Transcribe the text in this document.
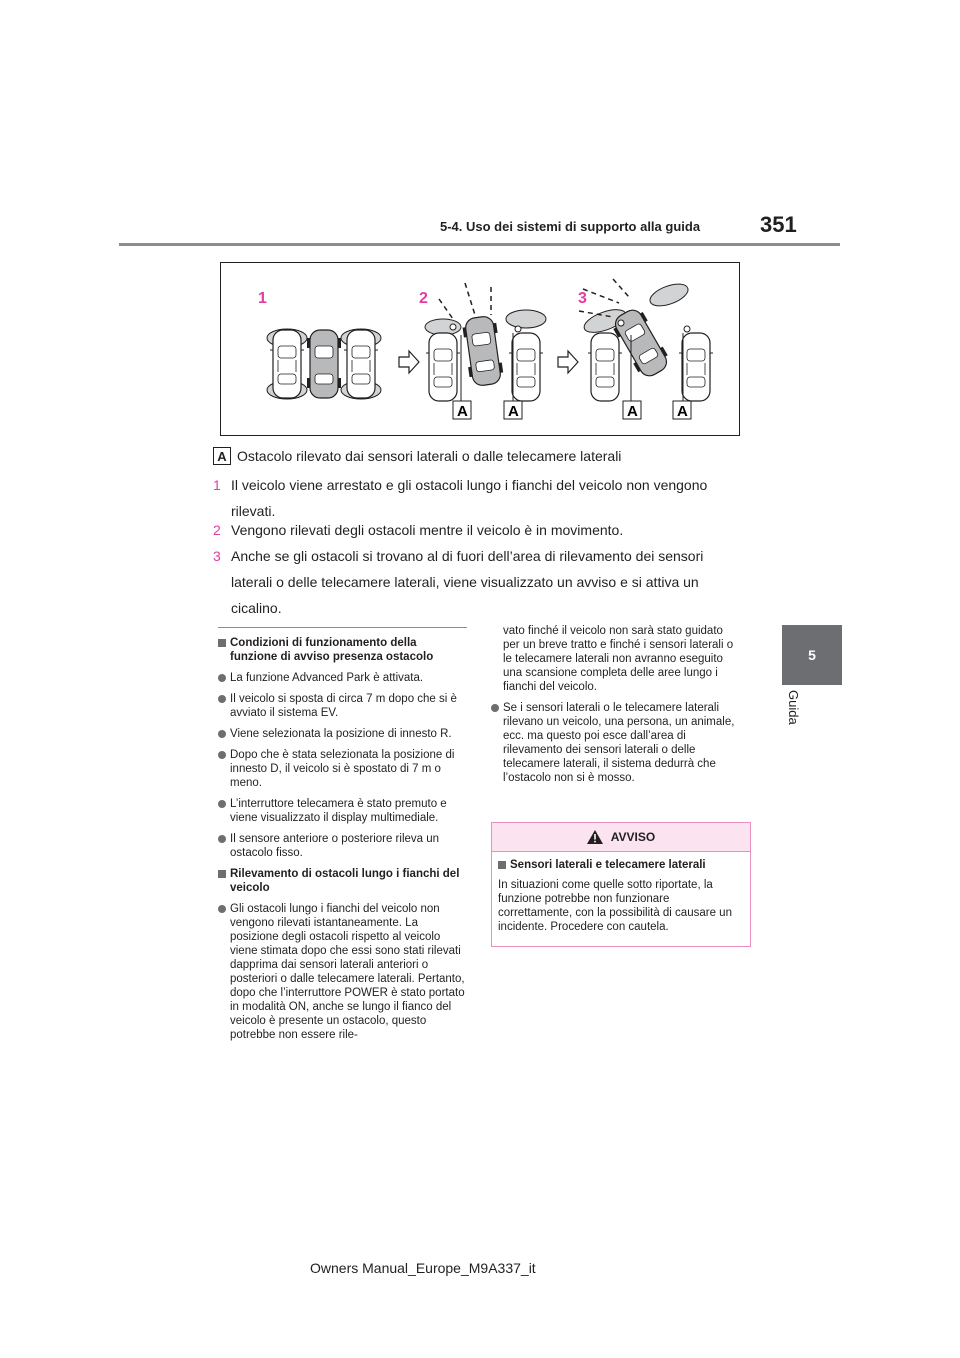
5-4. Uso dei sistemi di supporto alla guida	351
5
Guida
1	2	3
A	A	A	A
A Ostacolo rilevato dai sensori laterali o dalle telecamere laterali
1 Il veicolo viene arrestato e gli ostacoli lungo i fianchi del veicolo non vengono rilevati.
2 Vengono rilevati degli ostacoli mentre il veicolo è in movimento.
3 Anche se gli ostacoli si trovano al di fuori dell’area di rilevamento dei sensori laterali o delle telecamere laterali, viene visualizzato un avviso e si attiva un cicalino.
Condizioni di funzionamento della funzione di avviso presenza ostacolo
La funzione Advanced Park è attivata.
Il veicolo si sposta di circa 7 m dopo che si è avviato il sistema EV.
Viene selezionata la posizione di innesto R.
Dopo che è stata selezionata la posizione di innesto D, il veicolo si è spostato di 7 m o meno.
L’interruttore telecamera è stato premuto e viene visualizzato il display multimediale.
Il sensore anteriore o posteriore rileva un ostacolo fisso.
Rilevamento di ostacoli lungo i fianchi del veicolo
Gli ostacoli lungo i fianchi del veicolo non vengono rilevati istantaneamente. La posizione degli ostacoli rispetto al veicolo viene stimata dopo che essi sono stati rilevati dapprima dai sensori laterali anteriori o posteriori o dalle telecamere laterali. Pertanto, dopo che l’interruttore POWER è stato portato in modalità ON, anche se lungo il fianco del veicolo è presente un ostacolo, questo potrebbe non essere rile-
vato finché il veicolo non sarà stato guidato per un breve tratto e finché i sensori laterali o le telecamere laterali non avranno eseguito una scansione completa delle aree lungo i fianchi del veicolo.
Se i sensori laterali o le telecamere laterali rilevano un veicolo, una persona, un animale, ecc. ma questo poi esce dall’area di rilevamento dei sensori laterali o delle telecamere laterali, il sistema dedurrà che l’ostacolo non si è mosso.
AVVISO
Sensori laterali e telecamere laterali
In situazioni come quelle sotto riportate, la funzione potrebbe non funzionare correttamente, con la possibilità di causare un incidente. Procedere con cautela.
Owners Manual_Europe_M9A337_it
